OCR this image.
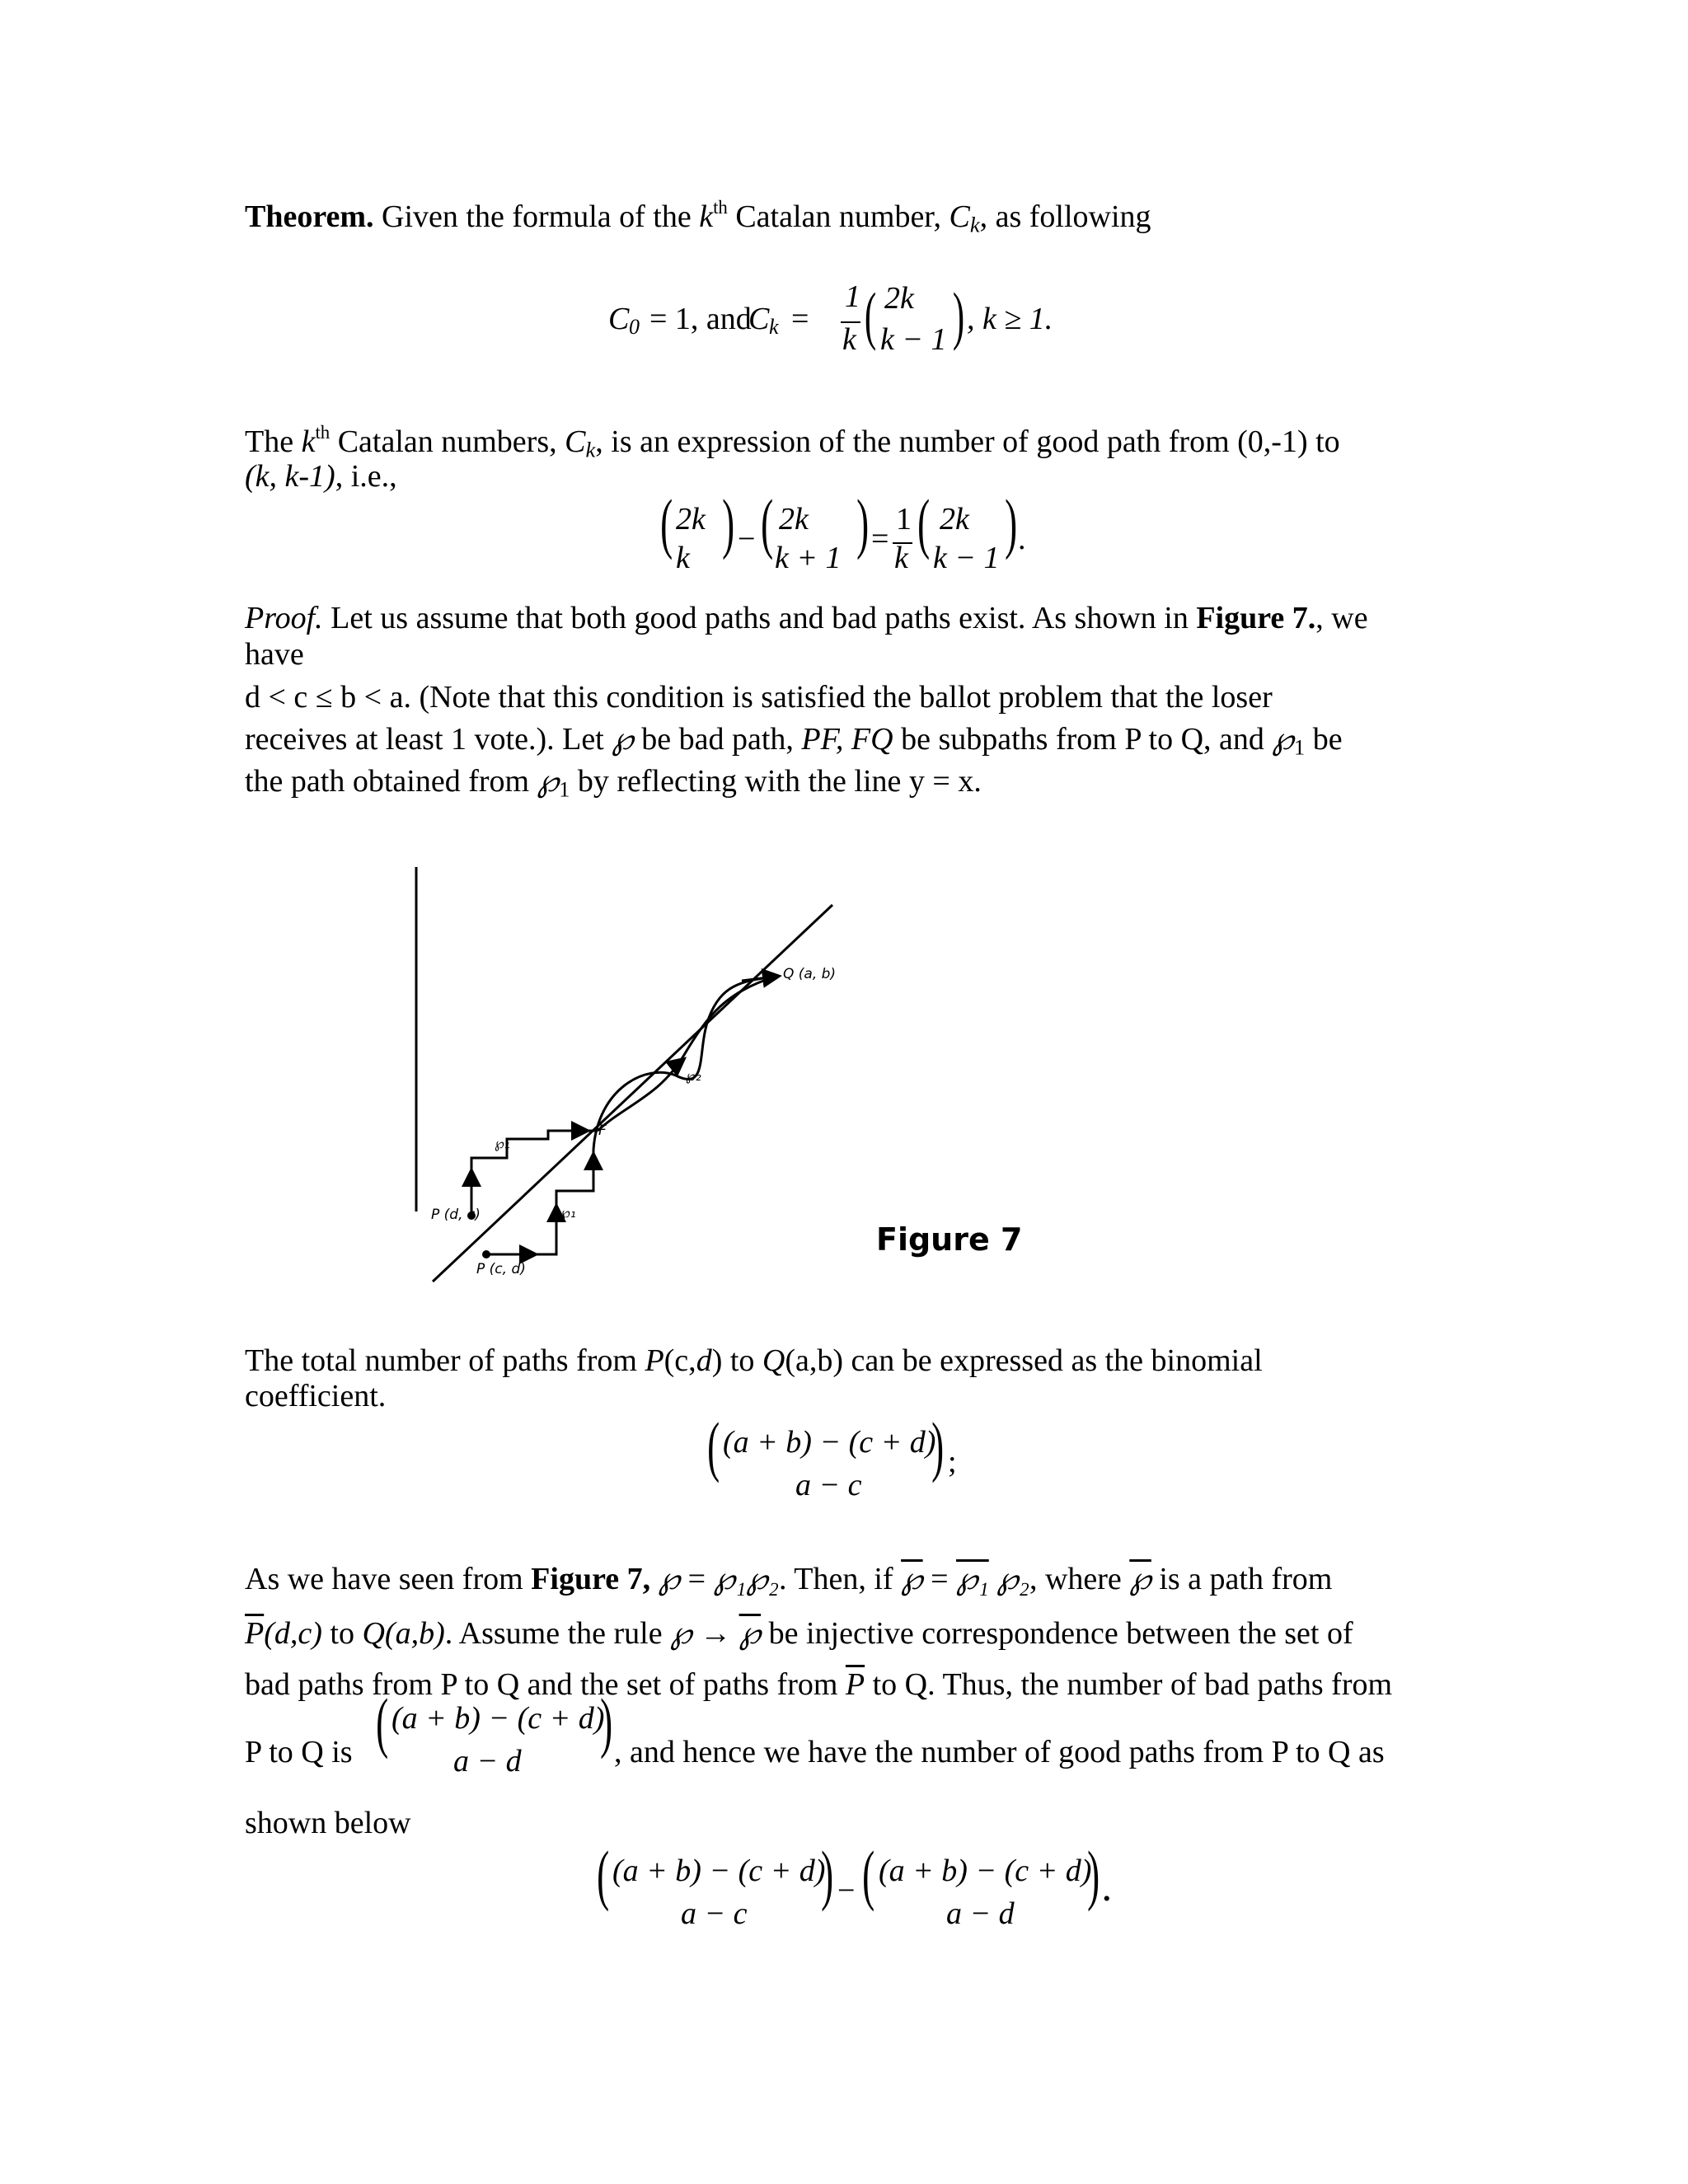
Theorem. Given the formula of the $k^{th}$ Catalan number, $C_k$, as following
C 0 = 1, and
C k =
1
k ( 2k
k − 1 ) , k ≥ 1.
The $k^{th}$ Catalan numbers, $C_k$, is an expression of the number of good path from (0,-1) to
(k, k-1), i.e.,
( 2k
k ) − ( 2k
k + 1 ) =
1
k ( 2k
k − 1 ) .
Proof. Let us assume that both good paths and bad paths exist. As shown in Figure 7., we
have
d < c ≤ b < a. (Note that this condition is satisfied the ballot problem that the loser
receives at least 1 vote.). Let ℘ be bad path, PF, FQ be subpaths from P to Q, and $℘_1$ be
the path obtained from $℘_1$ by reflecting with the line y = x.
Q (a, b)
℘₂
F
℘₁
P (d, c)	℘₁
P (c, d)
Figure 7
The total number of paths from P(c,d) to Q(a,b) can be expressed as the binomial
coefficient.
( (a + b) − (c + d)
a − c
) ;
As we have seen from Figure 7, ℘ = ℘₁℘₂. Then, if ℘ = ℘₁ ℘₂, where ℘ is a path from
$\overline{P}(d,c)$ to Q(a,b). Assume the rule ℘ → ℘ be injective correspondence between the set of
bad paths from P to Q and the set of paths from $\overline{P}$ to Q. Thus, the number of bad paths from
P to Q is ( (a + b) − (c + d)
a − d
) , and hence we have the number of good paths from P to Q as
shown below
( (a + b) − (c + d)
a − c
) − ( (a + b) − (c + d)
a − d
) .
